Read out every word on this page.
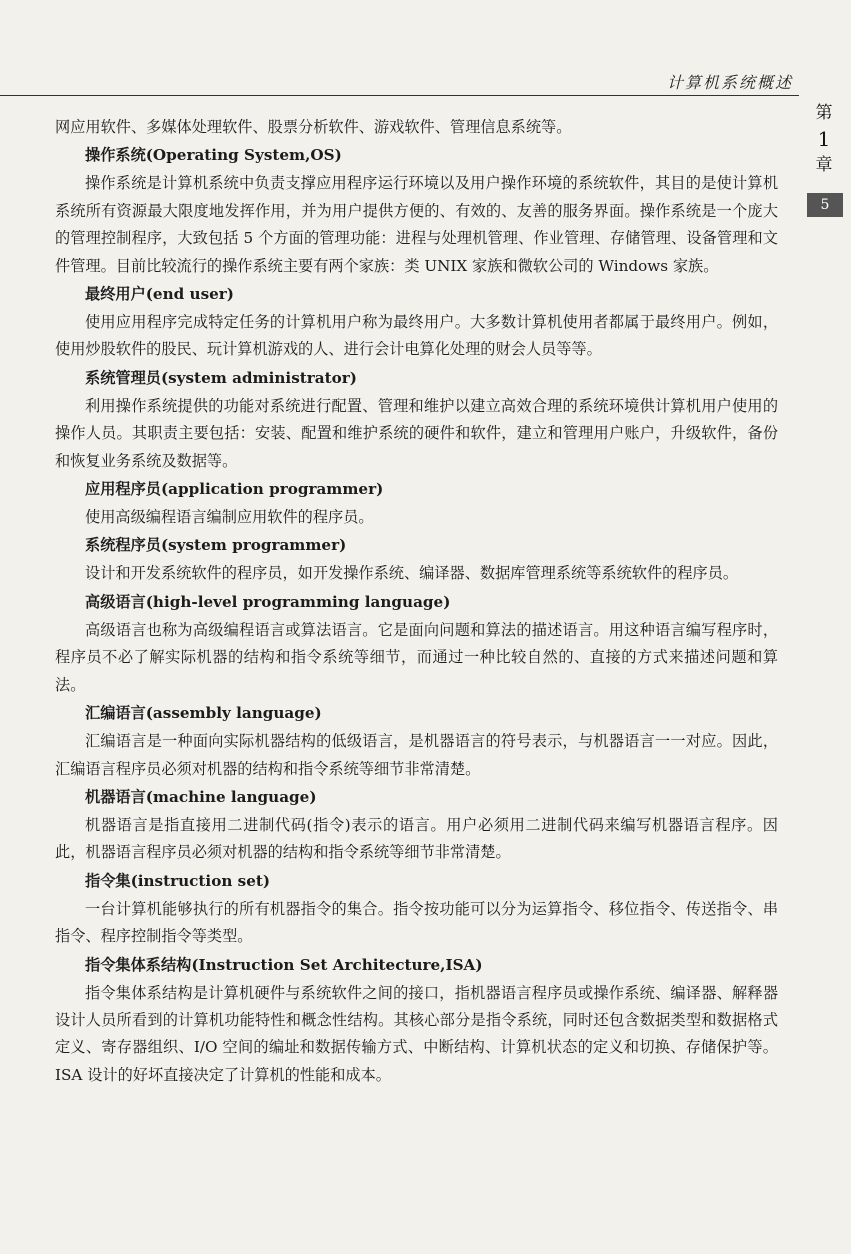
计算机系统概述
第
1
章
5

网应用软件、多媒体处理软件、股票分析软件、游戏软件、管理信息系统等。

操作系统(Operating System,OS)

操作系统是计算机系统中负责支撑应用程序运行环境以及用户操作环境的系统软件，其目的是使计算机系统所有资源最大限度地发挥作用，并为用户提供方便的、有效的、友善的服务界面。操作系统是一个庞大的管理控制程序，大致包括 5 个方面的管理功能：进程与处理机管理、作业管理、存储管理、设备管理和文件管理。目前比较流行的操作系统主要有两个家族：类 UNIX 家族和微软公司的 Windows 家族。

最终用户(end user)

使用应用程序完成特定任务的计算机用户称为最终用户。大多数计算机使用者都属于最终用户。例如，使用炒股软件的股民、玩计算机游戏的人、进行会计电算化处理的财会人员等等。

系统管理员(system administrator)

利用操作系统提供的功能对系统进行配置、管理和维护以建立高效合理的系统环境供计算机用户使用的操作人员。其职责主要包括：安装、配置和维护系统的硬件和软件，建立和管理用户账户，升级软件，备份和恢复业务系统及数据等。

应用程序员(application programmer)

使用高级编程语言编制应用软件的程序员。

系统程序员(system programmer)

设计和开发系统软件的程序员，如开发操作系统、编译器、数据库管理系统等系统软件的程序员。

高级语言(high-level programming language)

高级语言也称为高级编程语言或算法语言。它是面向问题和算法的描述语言。用这种语言编写程序时，程序员不必了解实际机器的结构和指令系统等细节，而通过一种比较自然的、直接的方式来描述问题和算法。

汇编语言(assembly language)

汇编语言是一种面向实际机器结构的低级语言，是机器语言的符号表示，与机器语言一一对应。因此，汇编语言程序员必须对机器的结构和指令系统等细节非常清楚。

机器语言(machine language)

机器语言是指直接用二进制代码(指令)表示的语言。用户必须用二进制代码来编写机器语言程序。因此，机器语言程序员必须对机器的结构和指令系统等细节非常清楚。

指令集(instruction set)

一台计算机能够执行的所有机器指令的集合。指令按功能可以分为运算指令、移位指令、传送指令、串指令、程序控制指令等类型。

指令集体系结构(Instruction Set Architecture,ISA)

指令集体系结构是计算机硬件与系统软件之间的接口，指机器语言程序员或操作系统、编译器、解释器设计人员所看到的计算机功能特性和概念性结构。其核心部分是指令系统，同时还包含数据类型和数据格式定义、寄存器组织、I/O 空间的编址和数据传输方式、中断结构、计算机状态的定义和切换、存储保护等。ISA 设计的好坏直接决定了计算机的性能和成本。
